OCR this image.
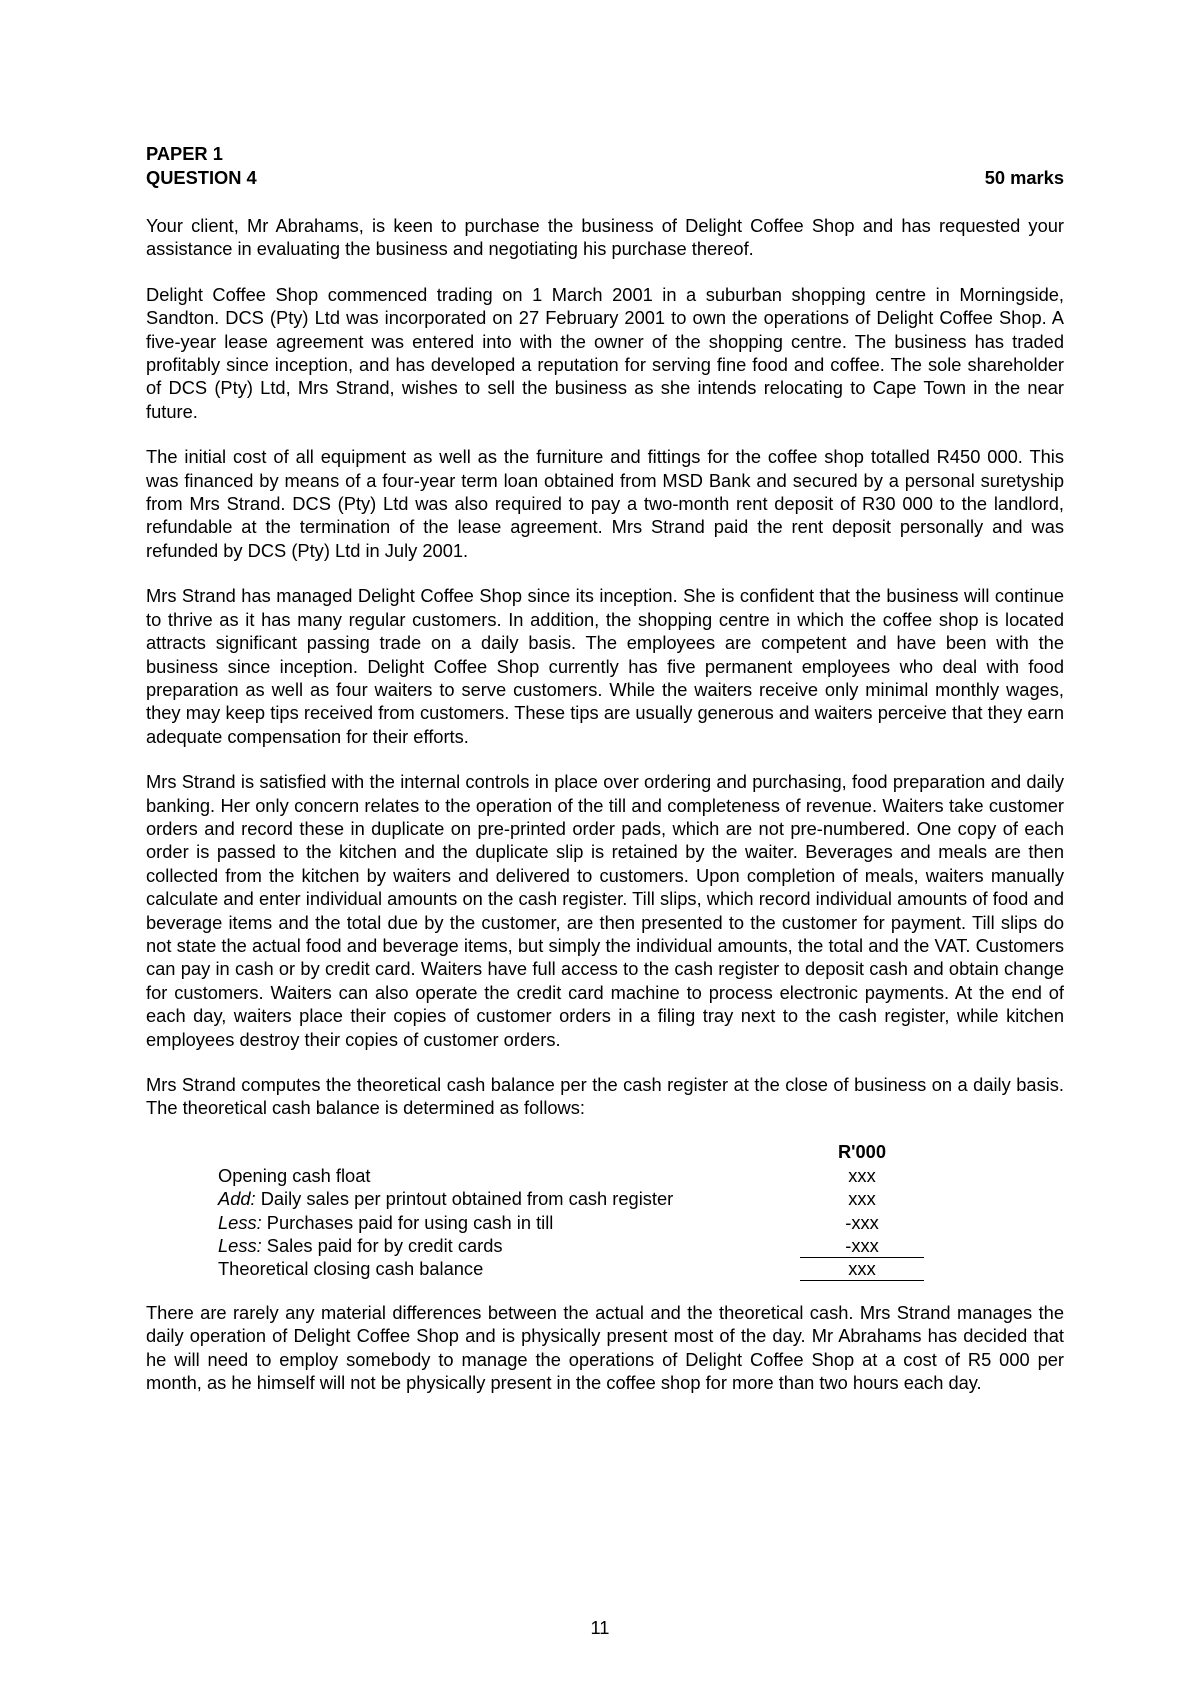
PAPER 1
QUESTION 4	50 marks

Your client, Mr Abrahams, is keen to purchase the business of Delight Coffee Shop and has requested your assistance in evaluating the business and negotiating his purchase thereof.

Delight Coffee Shop commenced trading on 1 March 2001 in a suburban shopping centre in Morningside, Sandton. DCS (Pty) Ltd was incorporated on 27 February 2001 to own the operations of Delight Coffee Shop. A five-year lease agreement was entered into with the owner of the shopping centre. The business has traded profitably since inception, and has developed a reputation for serving fine food and coffee. The sole shareholder of DCS (Pty) Ltd, Mrs Strand, wishes to sell the business as she intends relocating to Cape Town in the near future.

The initial cost of all equipment as well as the furniture and fittings for the coffee shop totalled R450 000. This was financed by means of a four-year term loan obtained from MSD Bank and secured by a personal suretyship from Mrs Strand. DCS (Pty) Ltd was also required to pay a two-month rent deposit of R30 000 to the landlord, refundable at the termination of the lease agreement. Mrs Strand paid the rent deposit personally and was refunded by DCS (Pty) Ltd in July 2001.

Mrs Strand has managed Delight Coffee Shop since its inception. She is confident that the business will continue to thrive as it has many regular customers. In addition, the shopping centre in which the coffee shop is located attracts significant passing trade on a daily basis. The employees are competent and have been with the business since inception. Delight Coffee Shop currently has five permanent employees who deal with food preparation as well as four waiters to serve customers. While the waiters receive only minimal monthly wages, they may keep tips received from customers. These tips are usually generous and waiters perceive that they earn adequate compensation for their efforts.

Mrs Strand is satisfied with the internal controls in place over ordering and purchasing, food preparation and daily banking. Her only concern relates to the operation of the till and completeness of revenue. Waiters take customer orders and record these in duplicate on pre-printed order pads, which are not pre-numbered. One copy of each order is passed to the kitchen and the duplicate slip is retained by the waiter. Beverages and meals are then collected from the kitchen by waiters and delivered to customers. Upon completion of meals, waiters manually calculate and enter individual amounts on the cash register. Till slips, which record individual amounts of food and beverage items and the total due by the customer, are then presented to the customer for payment. Till slips do not state the actual food and beverage items, but simply the individual amounts, the total and the VAT. Customers can pay in cash or by credit card. Waiters have full access to the cash register to deposit cash and obtain change for customers. Waiters can also operate the credit card machine to process electronic payments. At the end of each day, waiters place their copies of customer orders in a filing tray next to the cash register, while kitchen employees destroy their copies of customer orders.

Mrs Strand computes the theoretical cash balance per the cash register at the close of business on a daily basis. The theoretical cash balance is determined as follows:

R'000
Opening cash float	xxx
Add: Daily sales per printout obtained from cash register	xxx
Less: Purchases paid for using cash in till	-xxx
Less: Sales paid for by credit cards	-xxx
Theoretical closing cash balance	xxx

There are rarely any material differences between the actual and the theoretical cash. Mrs Strand manages the daily operation of Delight Coffee Shop and is physically present most of the day. Mr Abrahams has decided that he will need to employ somebody to manage the operations of Delight Coffee Shop at a cost of R5 000 per month, as he himself will not be physically present in the coffee shop for more than two hours each day.

11
